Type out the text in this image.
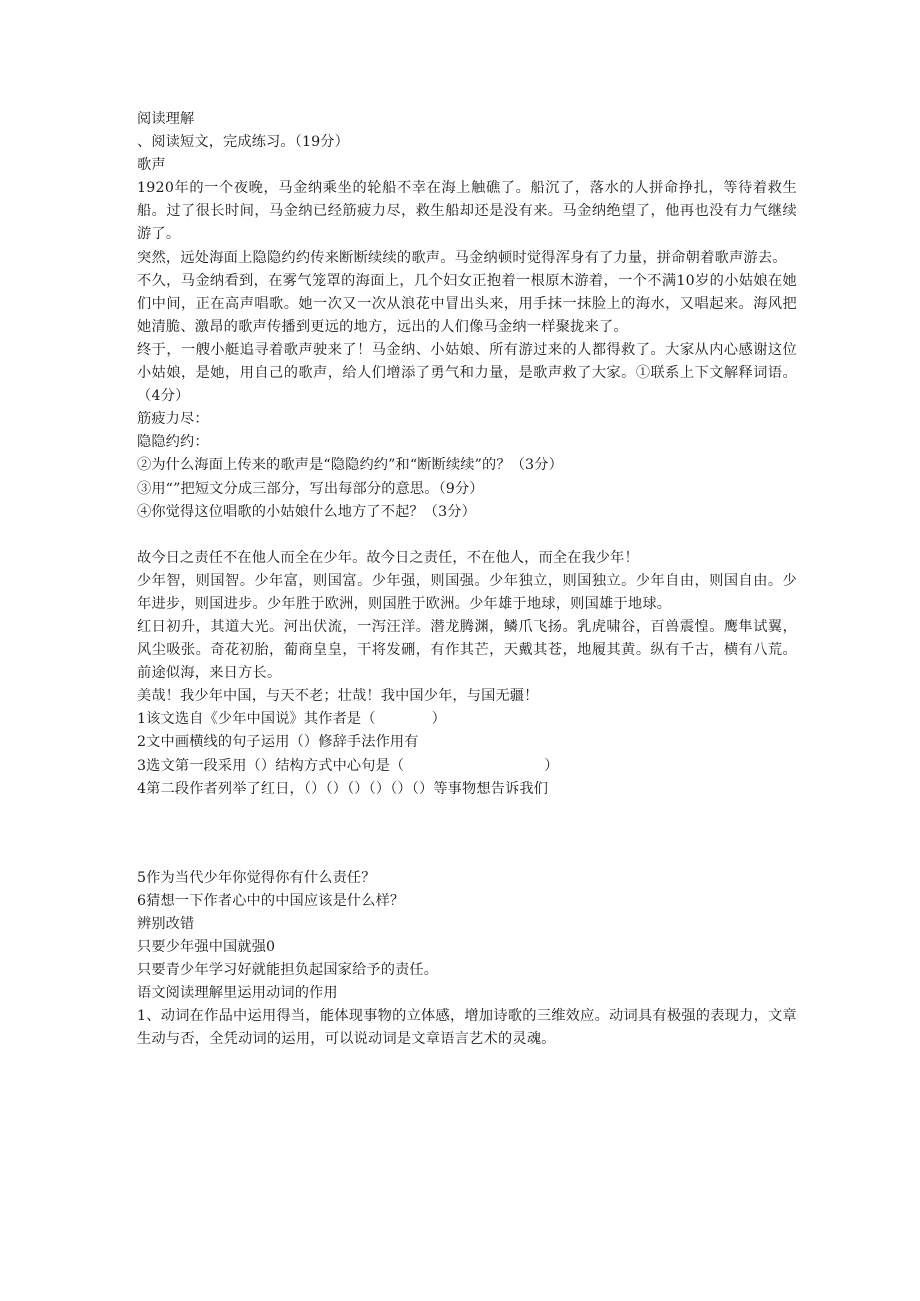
阅读理解
、阅读短文，完成练习。（19分）
歌声
1920年的一个夜晚，马金纳乘坐的轮船不幸在海上触礁了。船沉了，落水的人拼命挣扎，等待着救生船。过了很长时间，马金纳已经筋疲力尽，救生船却还是没有来。马金纳绝望了，他再也没有力气继续游了。
突然，远处海面上隐隐约约传来断断续续的歌声。马金纳顿时觉得浑身有了力量，拼命朝着歌声游去。
不久，马金纳看到，在雾气笼罩的海面上，几个妇女正抱着一根原木游着，一个不满10岁的小姑娘在她们中间，正在高声唱歌。她一次又一次从浪花中冒出头来，用手抹一抹脸上的海水，又唱起来。海风把她清脆、激昂的歌声传播到更远的地方，远出的人们像马金纳一样聚拢来了。
终于，一艘小艇追寻着歌声驶来了！马金纳、小姑娘、所有游过来的人都得救了。大家从内心感谢这位小姑娘，是她，用自己的歌声，给人们增添了勇气和力量，是歌声救了大家。①联系上下文解释词语。（4分）
筋疲力尽：
隐隐约约：
②为什么海面上传来的歌声是“隐隐约约”和“断断续续”的？（3分）
③用“”把短文分成三部分，写出每部分的意思。（9分）
④你觉得这位唱歌的小姑娘什么地方了不起？（3分）
故今日之责任不在他人而全在少年。故今日之责任，不在他人，而全在我少年！
少年智，则国智。少年富，则国富。少年强，则国强。少年独立，则国独立。少年自由，则国自由。少年进步，则国进步。少年胜于欧洲，则国胜于欧洲。少年雄于地球，则国雄于地球。
红日初升，其道大光。河出伏流，一泻汪洋。潜龙腾渊，鳞爪飞扬。乳虎啸谷，百兽震惶。鹰隼试翼，风尘吸张。奇花初胎，葡商皇皇，干将发硎，有作其芒，天戴其苍，地履其黄。纵有千古，横有八荒。前途似海，来日方长。
美哉！我少年中国，与天不老；壮哉！我中国少年，与国无疆！
1该文选自《少年中国说》其作者是（	）
2文中画横线的句子运用（）修辞手法作用有
3选文第一段采用（）结构方式中心句是（	）
4第二段作者列举了红日，（）（）（）（）（）（）等事物想告诉我们
5作为当代少年你觉得你有什么责任？
6猜想一下作者心中的中国应该是什么样？
辨别改错
只要少年强中国就强0
只要青少年学习好就能担负起国家给予的责任。
语文阅读理解里运用动词的作用
1、动词在作品中运用得当，能体现事物的立体感，增加诗歌的三维效应。动词具有极强的表现力，文章生动与否，全凭动词的运用，可以说动词是文章语言艺术的灵魂。
